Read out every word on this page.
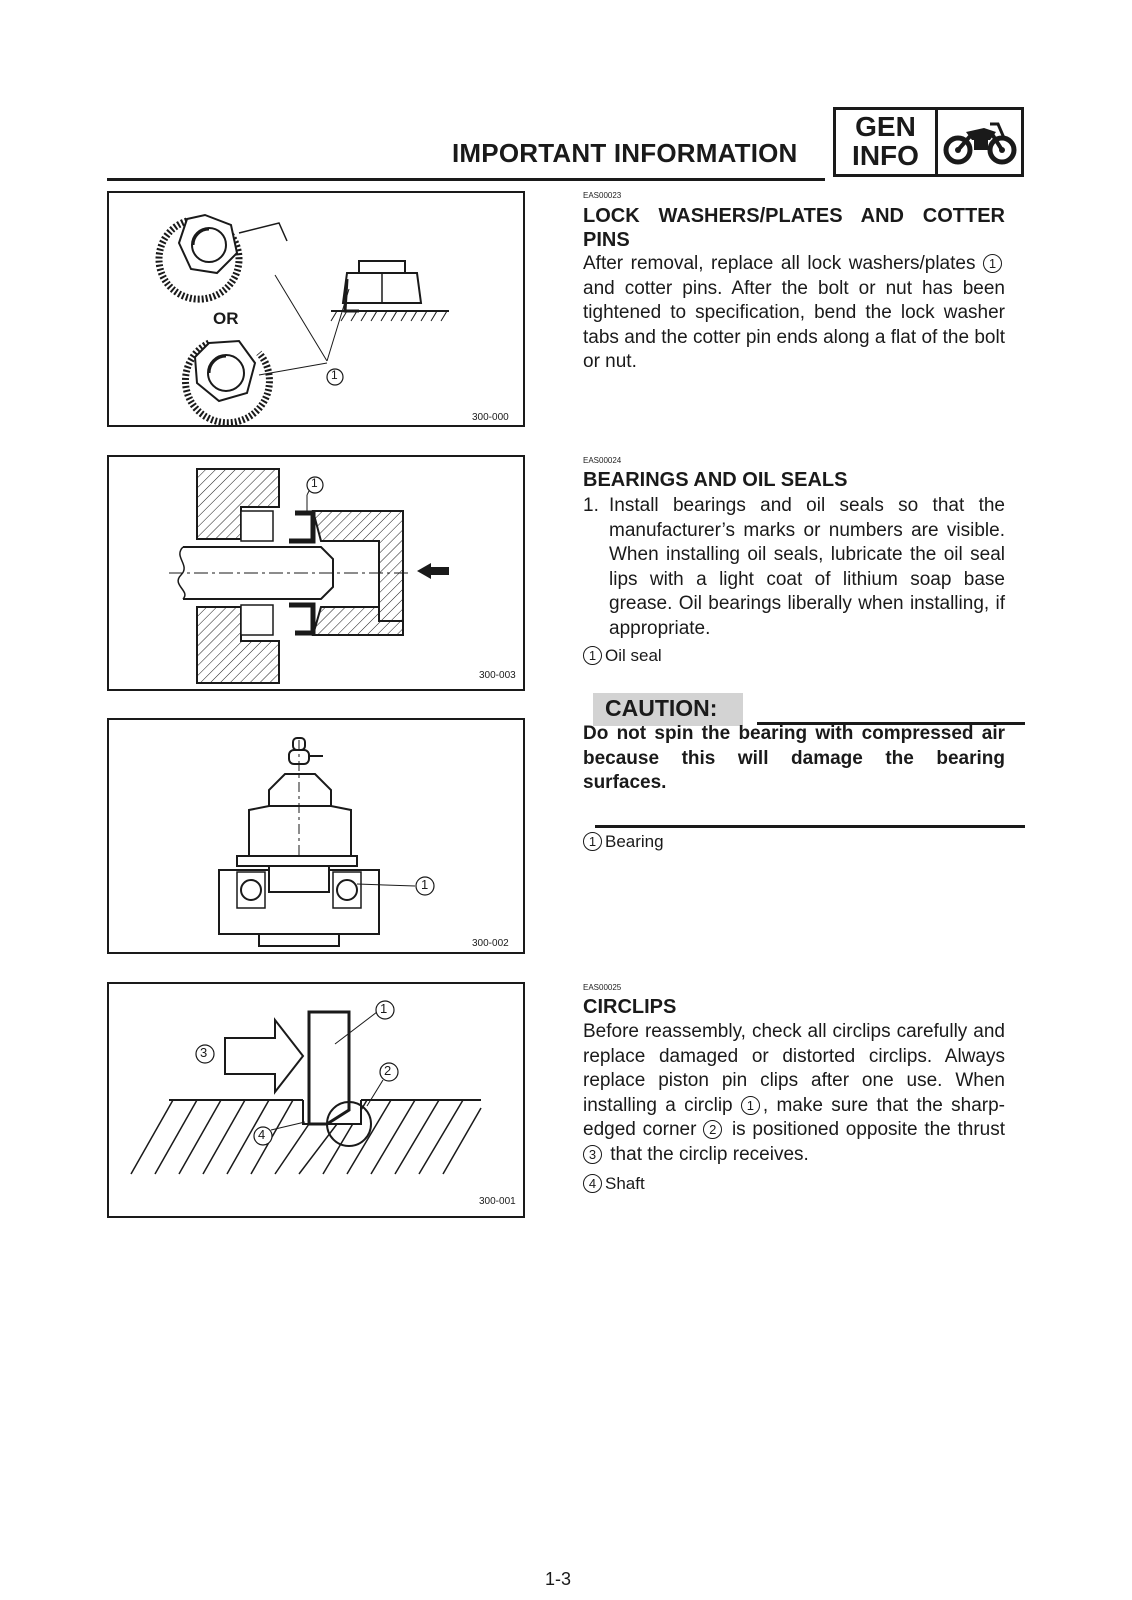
IMPORTANT INFORMATION
GEN
INFO
1
OR
300-000
1
300-003
1
300-002
1
2
3
4
300-001
EAS00023
LOCK WASHERS/PLATES AND COTTER
PINS
After removal, replace all lock washers/plates 1and cotter pins. After the bolt or nut has been tightened to specification, bend the lock washer tabs and the cotter pin ends along a flat of the bolt or nut.
EAS00024
BEARINGS AND OIL SEALS
1. Install bearings and oil seals so that the manufacturer’s marks or numbers are visible. When installing oil seals, lubricate the oil seal lips with a light coat of lithium soap base grease. Oil bearings liberally when installing, if appropriate.
1 Oil seal
CAUTION:
Do not spin the bearing with compressed air because this will damage the bearing surfaces.
1 Bearing
EAS00025
CIRCLIPS
Before reassembly, check all circlips carefully and replace damaged or distorted circlips. Always replace piston pin clips after one use. When installing a circlip 1 , make sure that the sharp-edged corner 2 is positioned opposite the thrust 3 that the circlip receives.
4 Shaft
1-3
